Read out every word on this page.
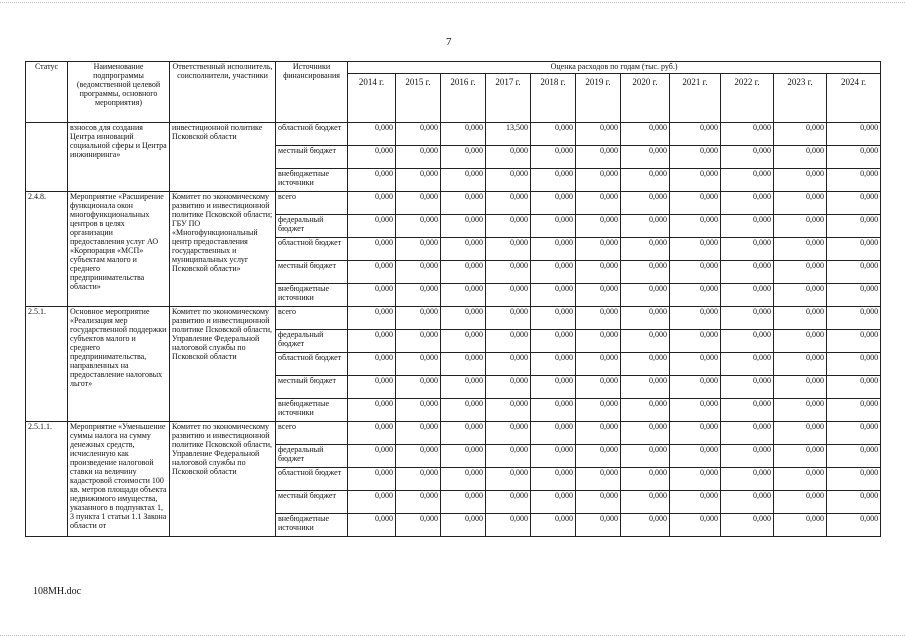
7
Статус	Наименование подпрограммы (ведомственной целевой программы, основного мероприятия)	Ответственный исполнитель, соисполнители, участники	Источники финансирования	Оценка расходов по годам (тыс. руб.)										
				2014 г.	2015 г.	2016 г.	2017 г.	2018 г.	2019 г.	2020 г.	2021 г.	2022 г.	2023 г.	2024 г.
	взносов для создания Центра инноваций социальной сферы и Центра инжиниринга»	инвестиционной политике Псковской области	областной бюджет	0,000	0,000	0,000	13,500	0,000	0,000	0,000	0,000	0,000	0,000	0,000
			местный бюджет	0,000	0,000	0,000	0,000	0,000	0,000	0,000	0,000	0,000	0,000	0,000
			внебюджетные источники	0,000	0,000	0,000	0,000	0,000	0,000	0,000	0,000	0,000	0,000	0,000
2.4.8.	Мероприятие «Расширение функционала окон многофункциональных центров в целях организации предоставления услуг АО «Корпорация «МСП» субъектам малого и среднего предпринимательства области»	Комитет по экономическому развитию и инвестиционной политике Псковской области; ГБУ ПО «Многофункциональный центр предоставления государственных и муниципальных услуг Псковской области»	всего	0,000	0,000	0,000	0,000	0,000	0,000	0,000	0,000	0,000	0,000	0,000
			федеральный бюджет	0,000	0,000	0,000	0,000	0,000	0,000	0,000	0,000	0,000	0,000	0,000
			областной бюджет	0,000	0,000	0,000	0,000	0,000	0,000	0,000	0,000	0,000	0,000	0,000
			местный бюджет	0,000	0,000	0,000	0,000	0,000	0,000	0,000	0,000	0,000	0,000	0,000
			внебюджетные источники	0,000	0,000	0,000	0,000	0,000	0,000	0,000	0,000	0,000	0,000	0,000
2.5.1.	Основное мероприятие «Реализация мер государственной поддержки субъектов малого и среднего предпринимательства, направленных на предоставление налоговых льгот»	Комитет по экономическому развитию и инвестиционной политике Псковской области, Управление Федеральной налоговой службы по Псковской области	всего	0,000	0,000	0,000	0,000	0,000	0,000	0,000	0,000	0,000	0,000	0,000
			федеральный бюджет	0,000	0,000	0,000	0,000	0,000	0,000	0,000	0,000	0,000	0,000	0,000
			областной бюджет	0,000	0,000	0,000	0,000	0,000	0,000	0,000	0,000	0,000	0,000	0,000
			местный бюджет	0,000	0,000	0,000	0,000	0,000	0,000	0,000	0,000	0,000	0,000	0,000
			внебюджетные источники	0,000	0,000	0,000	0,000	0,000	0,000	0,000	0,000	0,000	0,000	0,000
2.5.1.1.	Мероприятие «Уменьшение суммы налога на сумму денежных средств, исчисленную как произведение налоговой ставки на величину кадастровой стоимости 100 кв. метров площади объекта недвижимого имущества, указанного в подпунктах 1, 3 пункта 1 статьи 1.1 Закона области от	Комитет по экономическому развитию и инвестиционной политике Псковской области, Управление Федеральной налоговой службы по Псковской области	всего	0,000	0,000	0,000	0,000	0,000	0,000	0,000	0,000	0,000	0,000	0,000
			федеральный бюджет	0,000	0,000	0,000	0,000	0,000	0,000	0,000	0,000	0,000	0,000	0,000
			областной бюджет	0,000	0,000	0,000	0,000	0,000	0,000	0,000	0,000	0,000	0,000	0,000
			местный бюджет	0,000	0,000	0,000	0,000	0,000	0,000	0,000	0,000	0,000	0,000	0,000
			внебюджетные источники	0,000	0,000	0,000	0,000	0,000	0,000	0,000	0,000	0,000	0,000	0,000
108MH.doc
